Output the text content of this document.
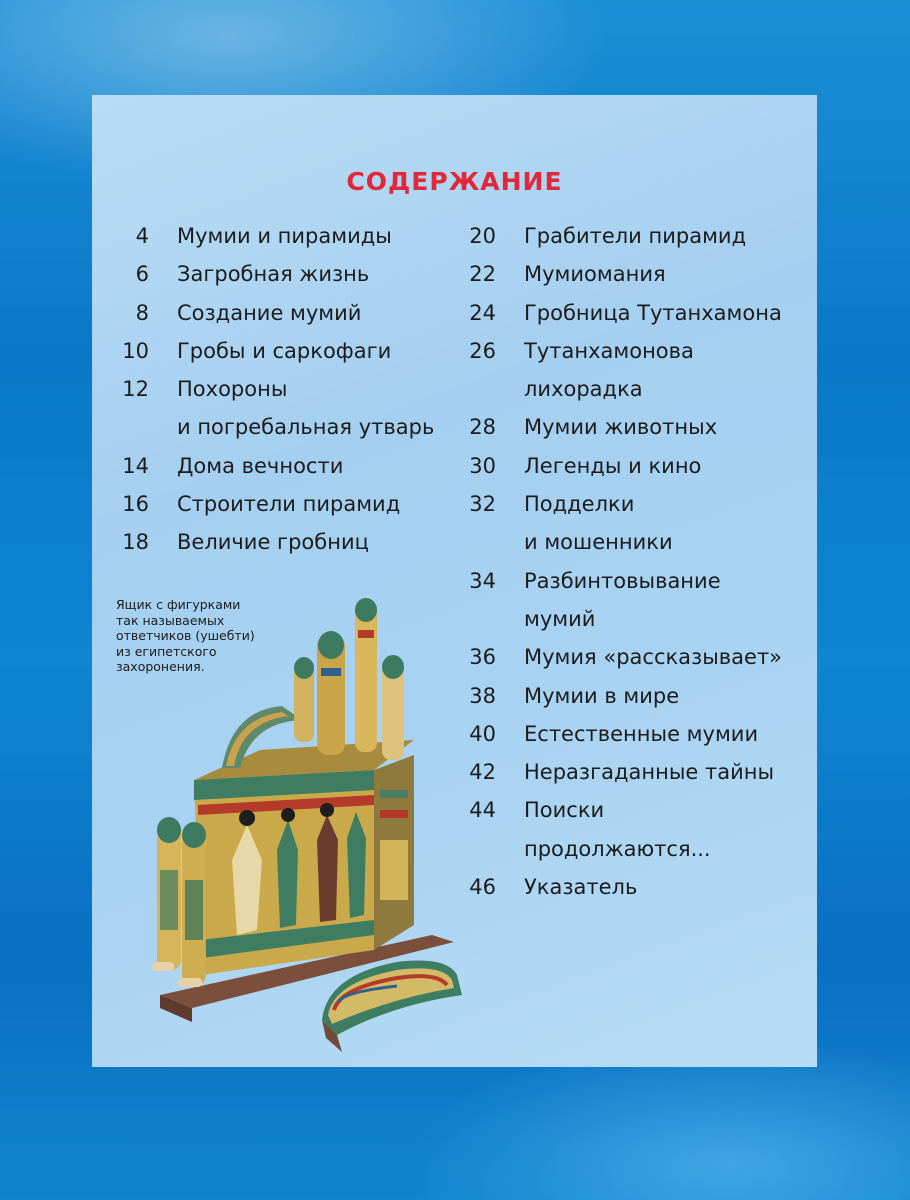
СОДЕРЖАНИЕ
4	Мумии и пирамиды
6	Загробная жизнь
8	Создание мумий
10	Гробы и саркофаги
12	Похороны
и погребальная утварь
14	Дома вечности
16	Строители пирамид
18	Величие гробниц
20	Грабители пирамид
22	Мумиомания
24	Гробница Тутанхамона
26	Тутанхамонова
лихорадка
28	Мумии животных
30	Легенды и кино
32	Подделки
и мошенники
34	Разбинтовывание
мумий
36	Мумия «рассказывает»
38	Мумии в мире
40	Естественные мумии
42	Неразгаданные тайны
44	Поиски
продолжаются...
46	Указатель
Ящик с фигурками
так называемых
ответчиков (ушебти)
из египетского
захоронения.
